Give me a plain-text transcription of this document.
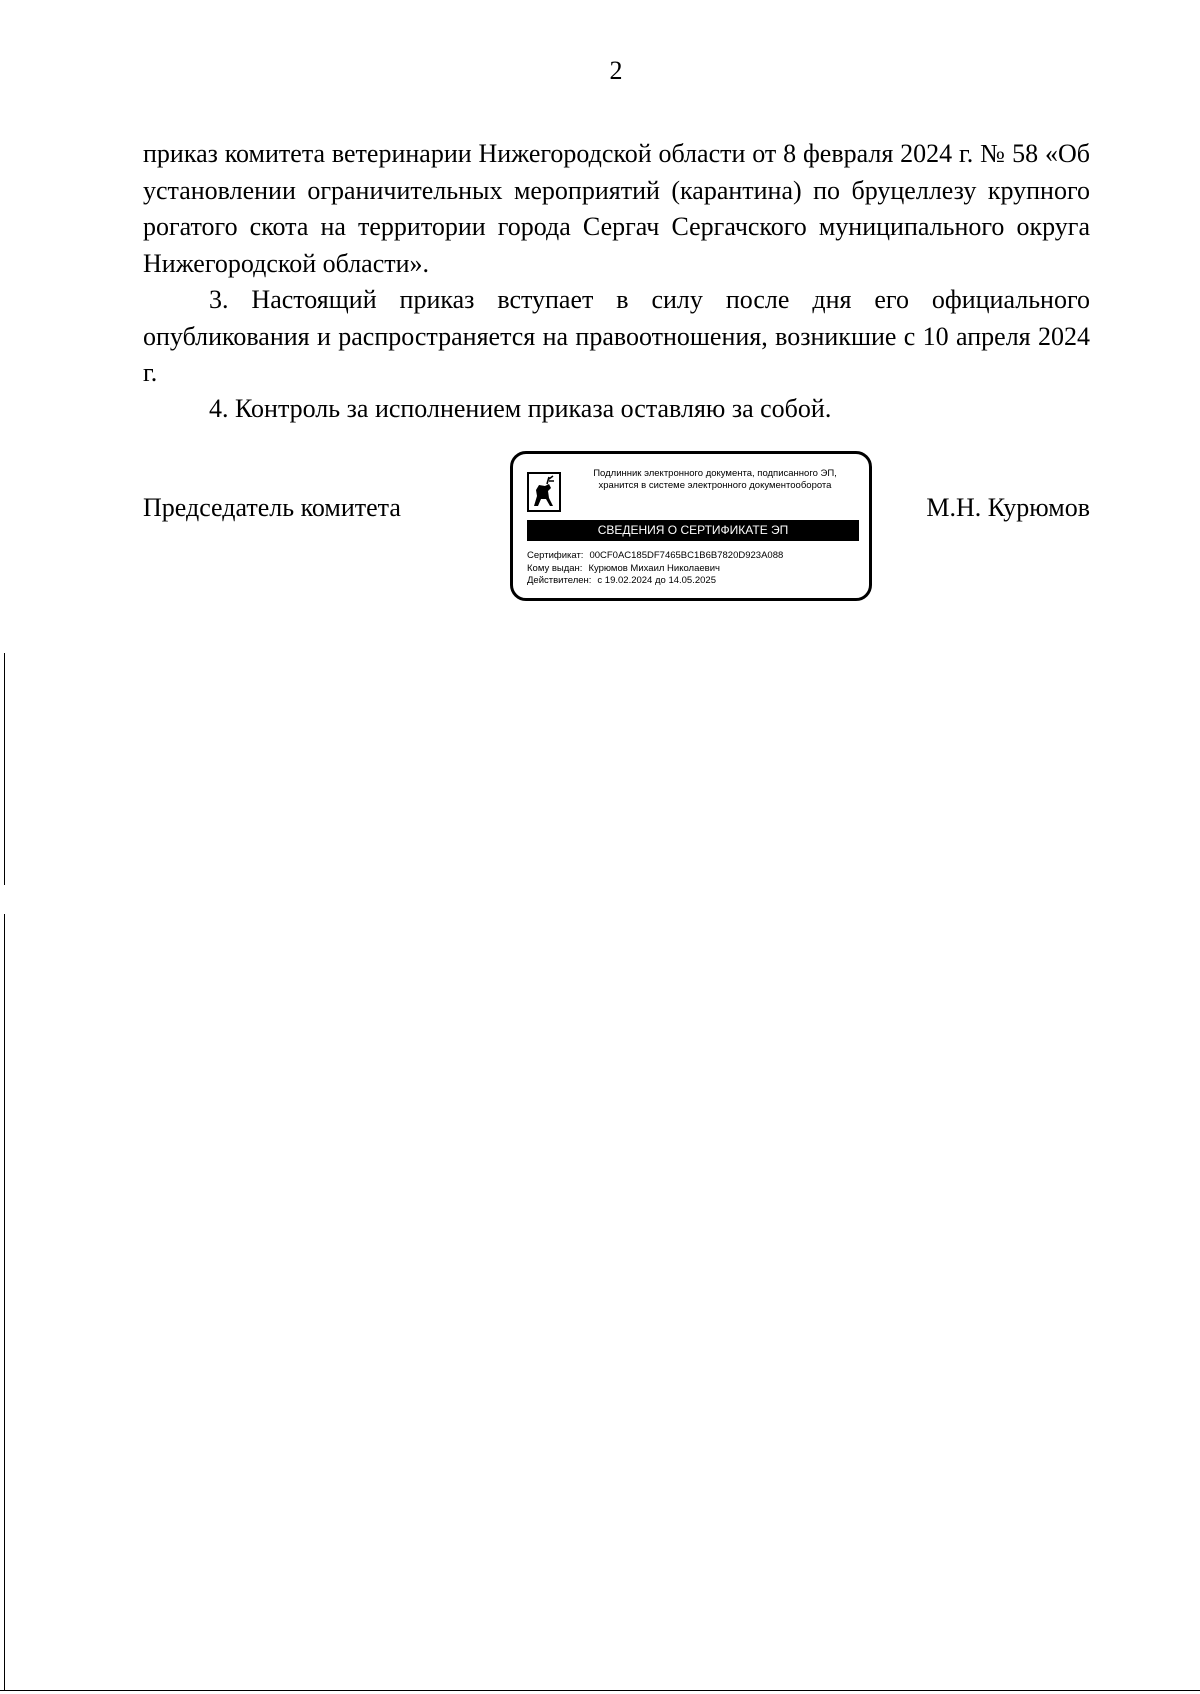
2

приказ комитета ветеринарии Нижегородской области от 8 февраля 2024 г. № 58 «Об установлении ограничительных мероприятий (карантина) по бруцеллезу крупного рогатого скота на территории города Сергач Сергачского муниципального округа Нижегородской области».

3. Настоящий приказ вступает в силу после дня его официального опубликования и распространяется на правоотношения, возникшие с 10 апреля 2024 г.

4. Контроль за исполнением приказа оставляю за собой.

Председатель комитета
Подлинник электронного документа, подписанного ЭП,
хранится в системе электронного документооборота
СВЕДЕНИЯ О СЕРТИФИКАТЕ ЭП
Сертификат: 00CF0AC185DF7465BC1B6B7820D923A088
Кому выдан: Курюмов Михаил Николаевич
Действителен: с 19.02.2024 до 14.05.2025
М.Н. Курюмов
